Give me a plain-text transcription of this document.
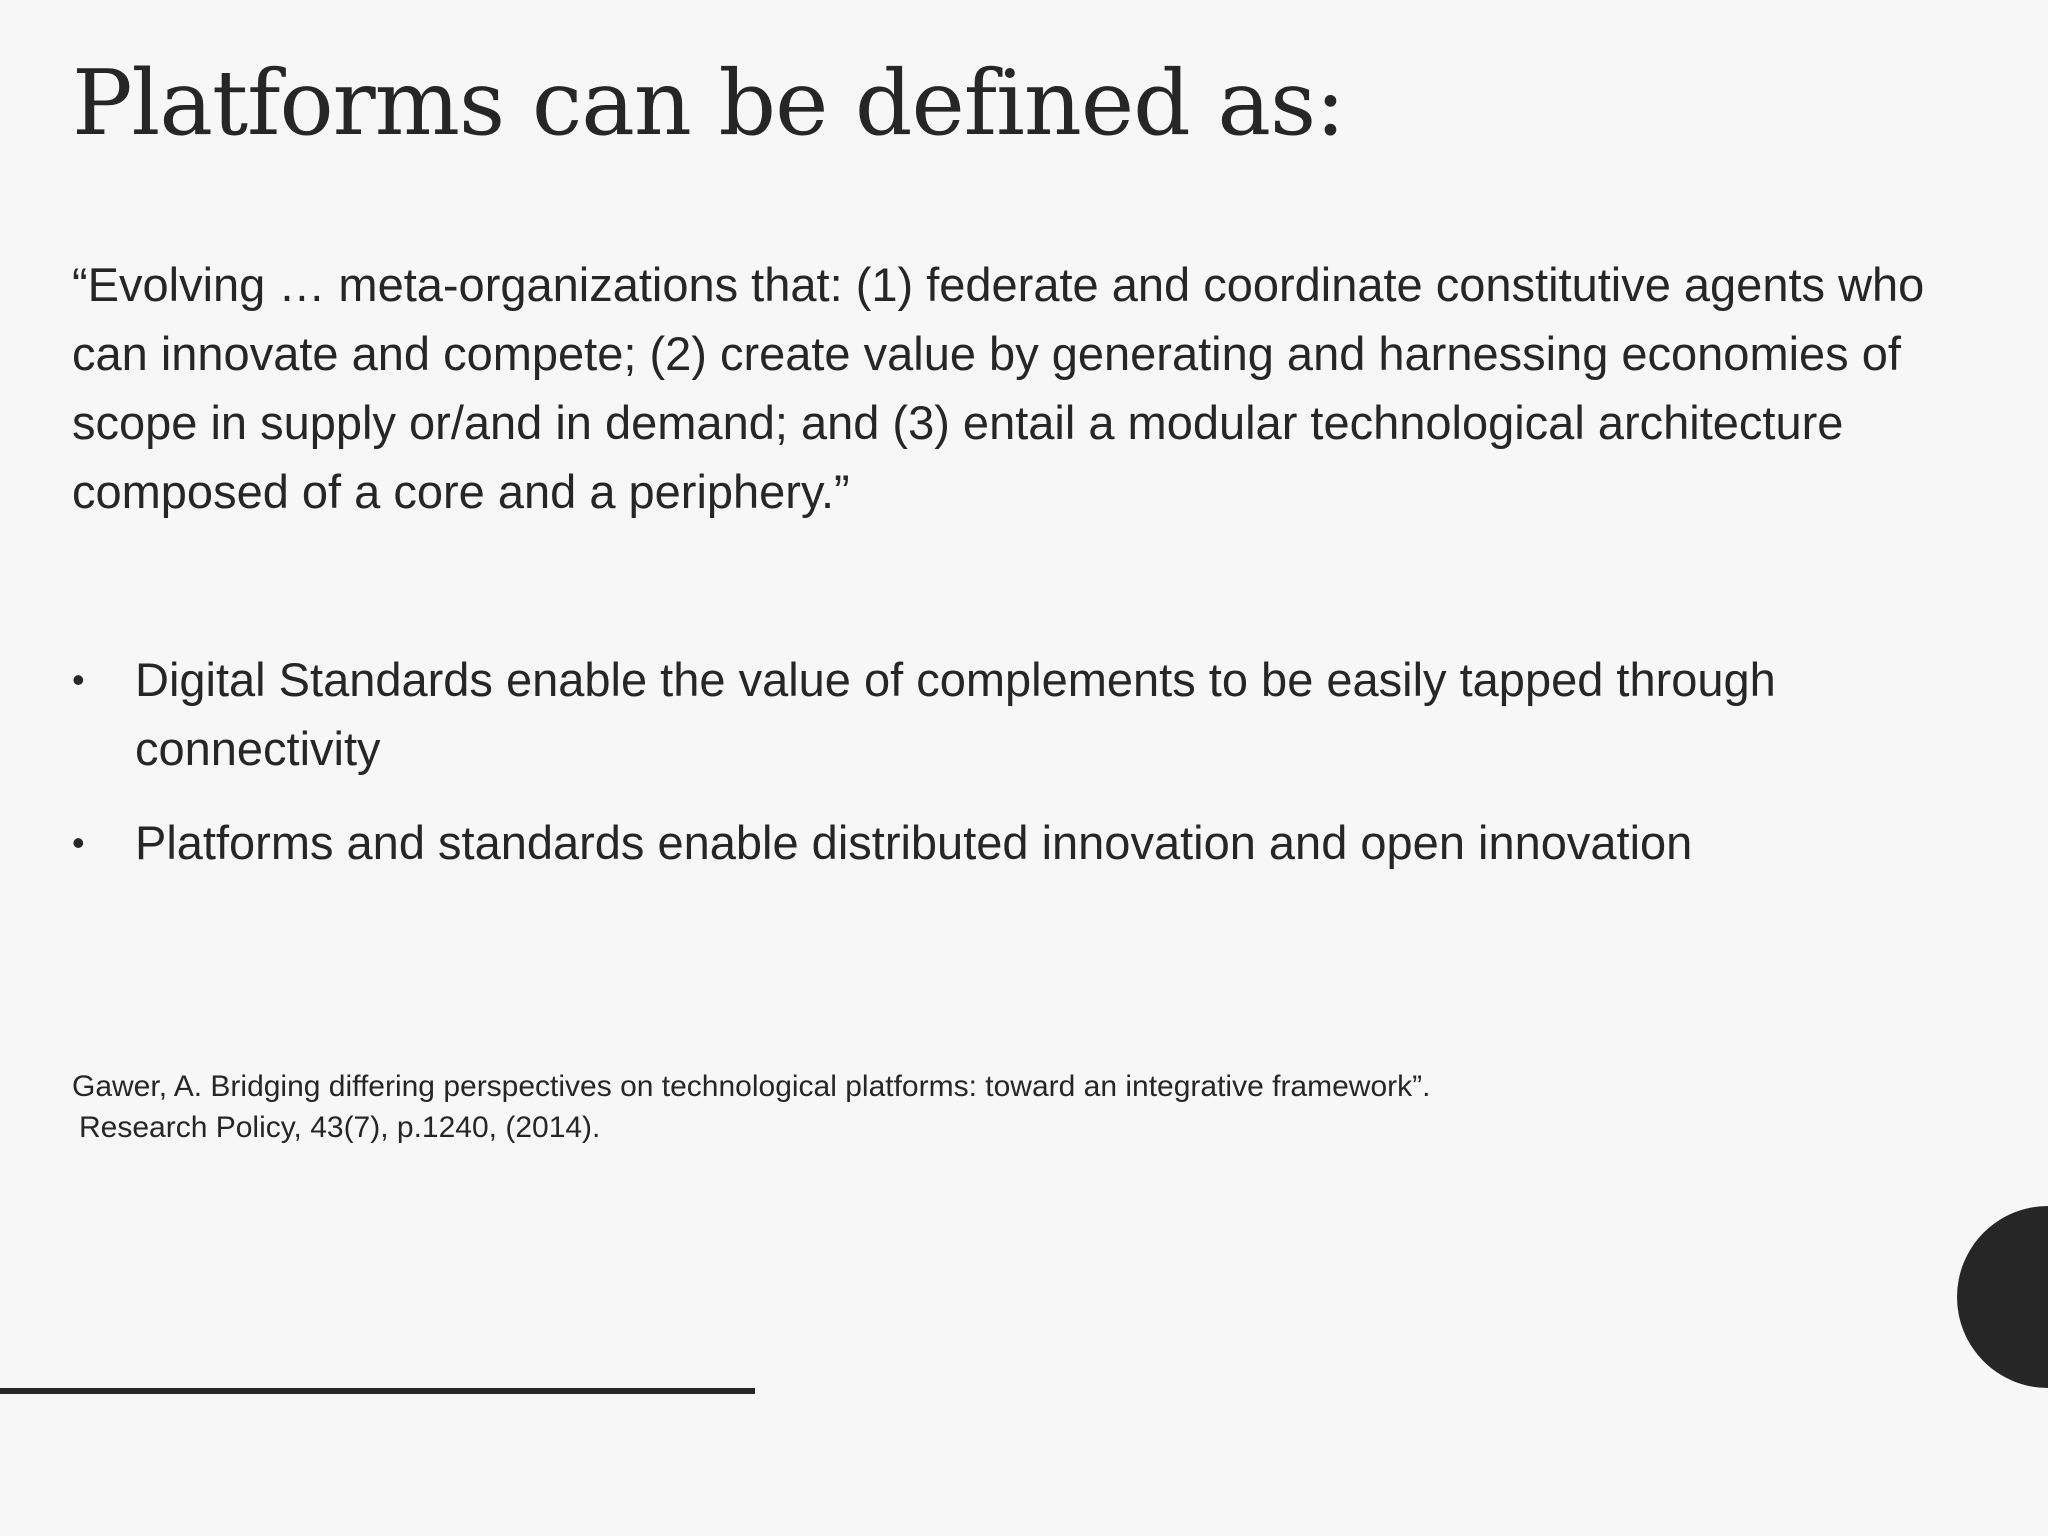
Platforms can be defined as:

“Evolving … meta-organizations that: (1) federate and coordinate constitutive agents who can innovate and compete; (2) create value by generating and harnessing economies of scope in supply or/and in demand; and (3) entail a modular technological architecture composed of a core and a periphery.”

• Digital Standards enable the value of complements to be easily tapped through connectivity
• Platforms and standards enable distributed innovation and open innovation

Gawer, A. Bridging differing perspectives on technological platforms: toward an integrative framework”.
Research Policy, 43(7), p.1240, (2014).
